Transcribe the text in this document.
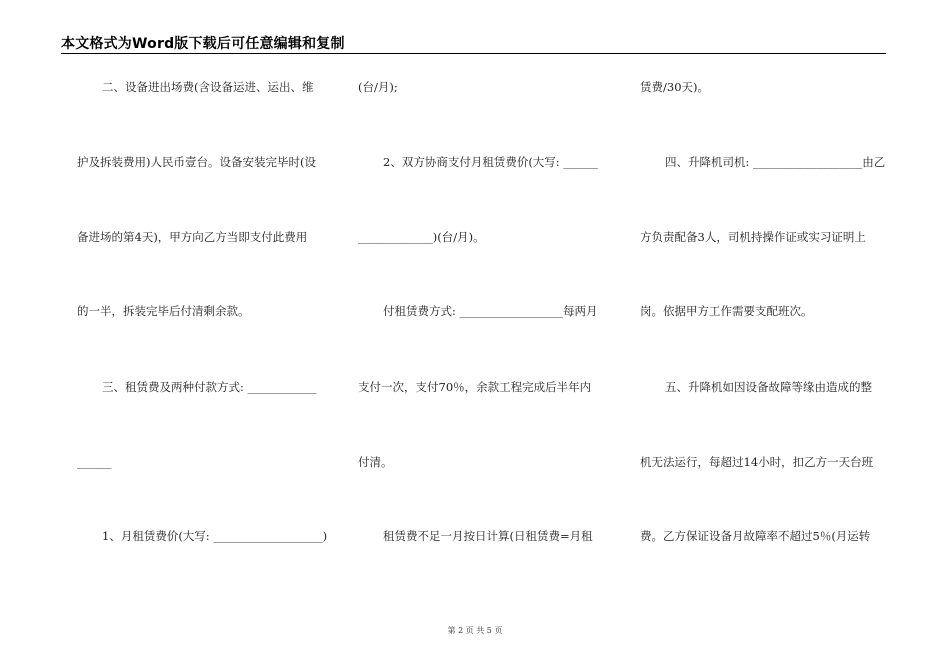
本文格式为Word版下载后可任意编辑和复制
二、设备进出场费(含设备运进、运出、维
护及拆装费用)人民币壹台。设备安装完毕时(设
备进场的第4天)，甲方向乙方当即支付此费用
的一半，拆装完毕后付清剩余款。
三、租赁费及两种付款方式: ____________
______
1、月租赁费价(大写: ___________________)
(台/月);
2、双方协商支付月租赁费价(大写: ______
_____________)(台/月)。
付租赁费方式: __________________每两月
支付一次，支付70％，余款工程完成后半年内
付清。
租赁费不足一月按日计算(日租赁费=月租
赁费/30天)。
四、升降机司机: ___________________由乙
方负责配备3人，司机持操作证或实习证明上
岗。依据甲方工作需要支配班次。
五、升降机如因设备故障等缘由造成的整
机无法运行，每超过14小时，扣乙方一天台班
费。乙方保证设备月故障率不超过5％(月运转
第 2 页 共 5 页
